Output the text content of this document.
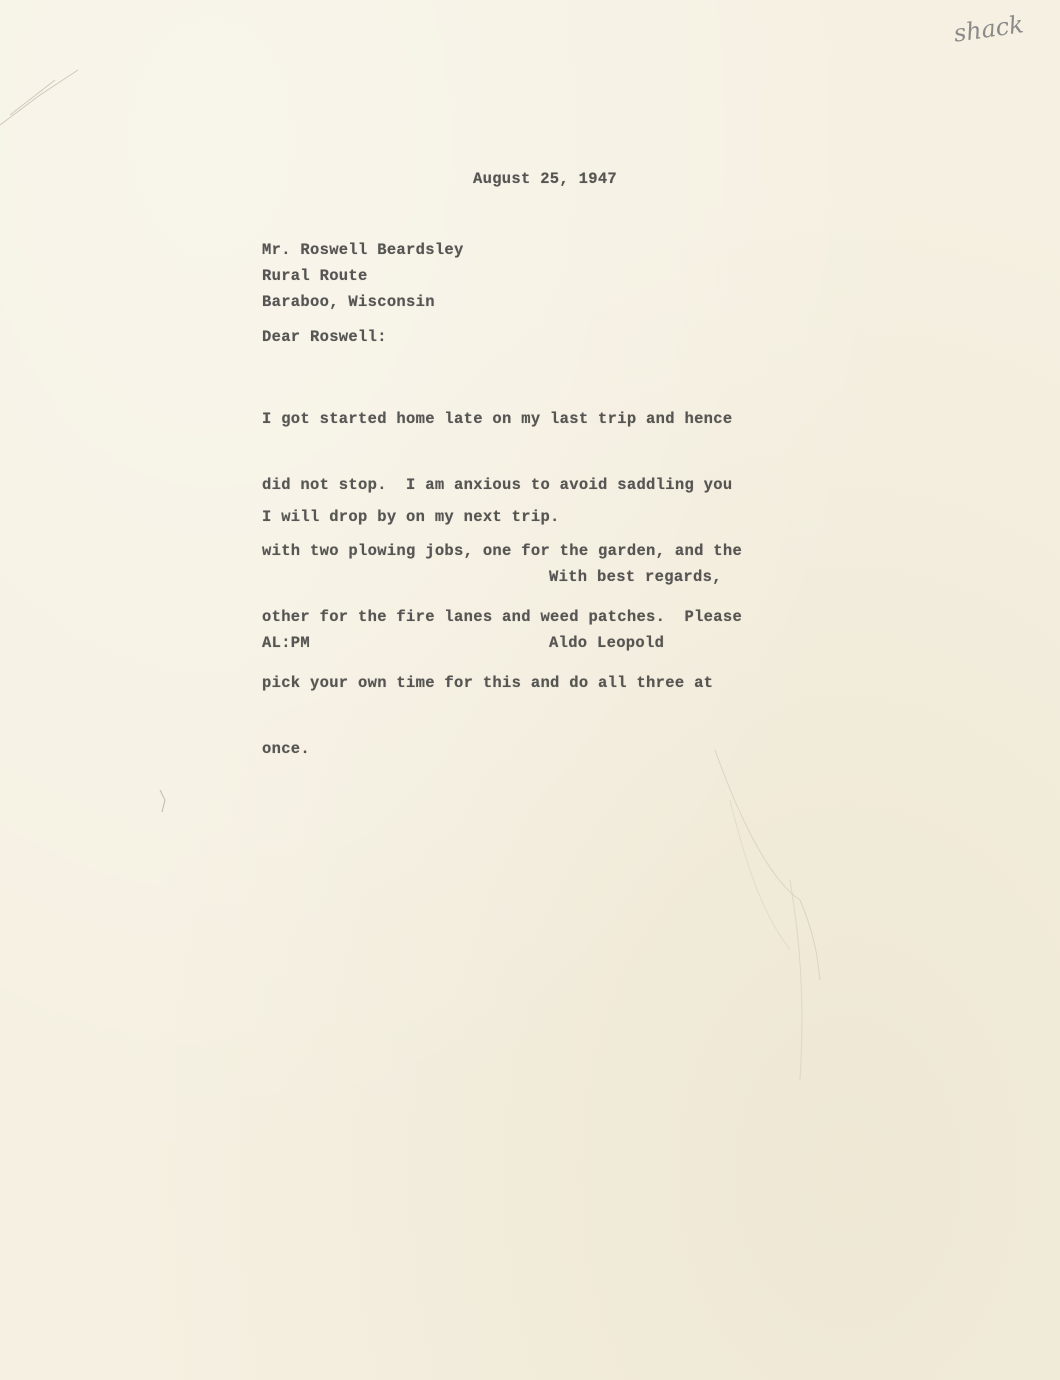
shack
August 25, 1947
Mr. Roswell Beardsley
Rural Route
Baraboo, Wisconsin
Dear Roswell:

I got started home late on my last trip and hence

did not stop.  I am anxious to avoid saddling you

with two plowing jobs, one for the garden, and the

other for the fire lanes and weed patches.  Please

pick your own time for this and do all three at

once.

I will drop by on my next trip.
With best regards,
AL:PM	Aldo Leopold
